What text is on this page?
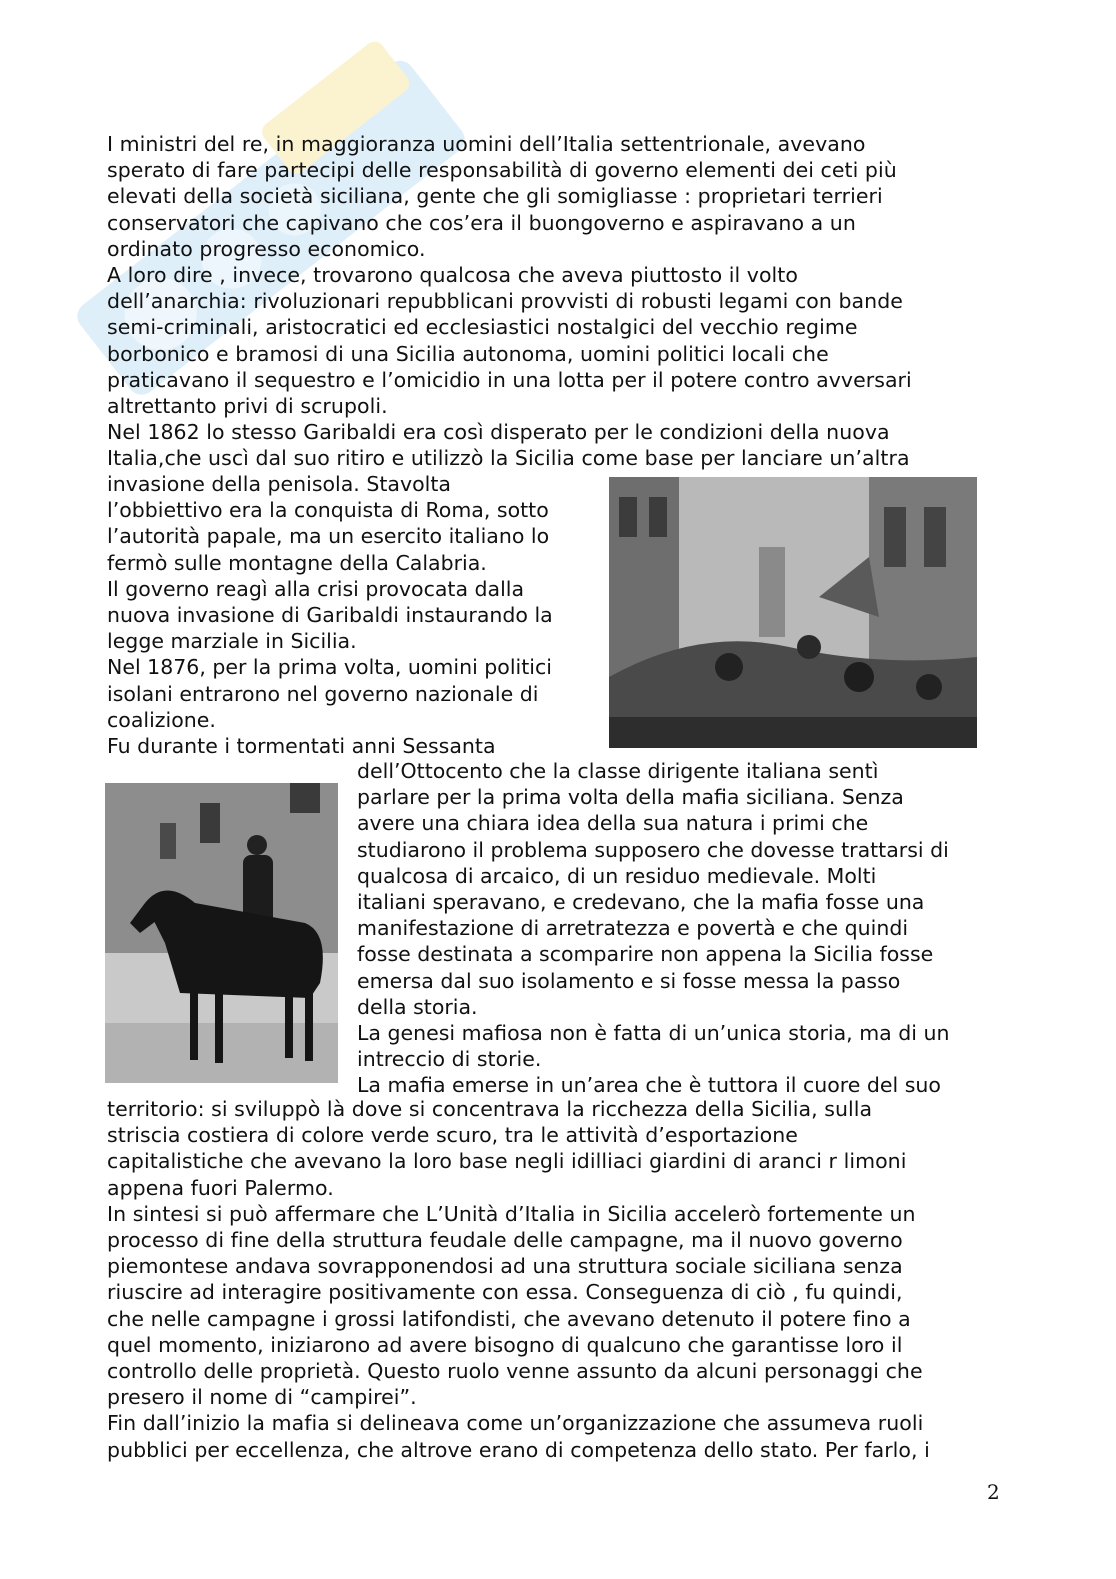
I ministri del re, in maggioranza uomini dell’Italia settentrionale, avevano
sperato di fare partecipi delle responsabilità di governo elementi dei ceti più
elevati della società siciliana, gente che gli somigliasse : proprietari terrieri
conservatori che capivano che cos’era il buongoverno e aspiravano a un
ordinato progresso economico.
A loro dire , invece, trovarono qualcosa che aveva piuttosto il volto
dell’anarchia: rivoluzionari repubblicani provvisti di robusti legami con bande
semi-criminali, aristocratici ed ecclesiastici nostalgici del vecchio regime
borbonico e bramosi di una Sicilia autonoma, uomini politici locali che
praticavano il sequestro e l’omicidio in una lotta per il potere contro avversari
altrettanto privi di scrupoli.
Nel 1862 lo stesso Garibaldi era così disperato per le condizioni della nuova
Italia,che uscì dal suo ritiro e utilizzò la Sicilia come base per lanciare un’altra
invasione della penisola. Stavolta
l’obbiettivo era la conquista di Roma, sotto
l’autorità papale, ma un esercito italiano lo
fermò sulle montagne della Calabria.
Il governo reagì alla crisi provocata dalla
nuova invasione di Garibaldi instaurando la
legge marziale in Sicilia.
Nel 1876, per la prima volta, uomini politici
isolani entrarono nel governo nazionale di
coalizione.
Fu durante i tormentati anni Sessanta
dell’Ottocento che la classe dirigente italiana sentì
parlare per la prima volta della mafia siciliana. Senza
avere una chiara idea della sua natura i primi che
studiarono il problema supposero che dovesse trattarsi di
qualcosa di arcaico, di un residuo medievale. Molti
italiani speravano, e credevano, che la mafia fosse una
manifestazione di arretratezza e povertà e che quindi
fosse destinata a scomparire non appena la Sicilia fosse
emersa dal suo isolamento e si fosse messa la passo
della storia.
La genesi mafiosa non è fatta di un’unica storia, ma di un
intreccio di storie.
La mafia emerse in un’area che è tuttora il cuore del suo
territorio: si sviluppò là dove si concentrava la ricchezza della Sicilia, sulla
striscia costiera di colore verde scuro, tra le attività d’esportazione
capitalistiche che avevano la loro base negli idilliaci giardini di aranci r limoni
appena fuori Palermo.
In sintesi si può affermare che L’Unità d’Italia in Sicilia accelerò fortemente un
processo di fine della struttura feudale delle campagne, ma il nuovo governo
piemontese andava sovrapponendosi ad una struttura sociale siciliana senza
riuscire ad interagire positivamente con essa. Conseguenza di ciò , fu quindi,
che nelle campagne i grossi latifondisti, che avevano detenuto il potere fino a
quel momento, iniziarono ad avere bisogno di qualcuno che garantisse loro il
controllo delle proprietà. Questo ruolo venne assunto da alcuni personaggi che
presero il nome di “campirei”.
Fin dall’inizio la mafia si delineava come un’organizzazione che assumeva ruoli
pubblici per eccellenza, che altrove erano di competenza dello stato. Per farlo, i
2
